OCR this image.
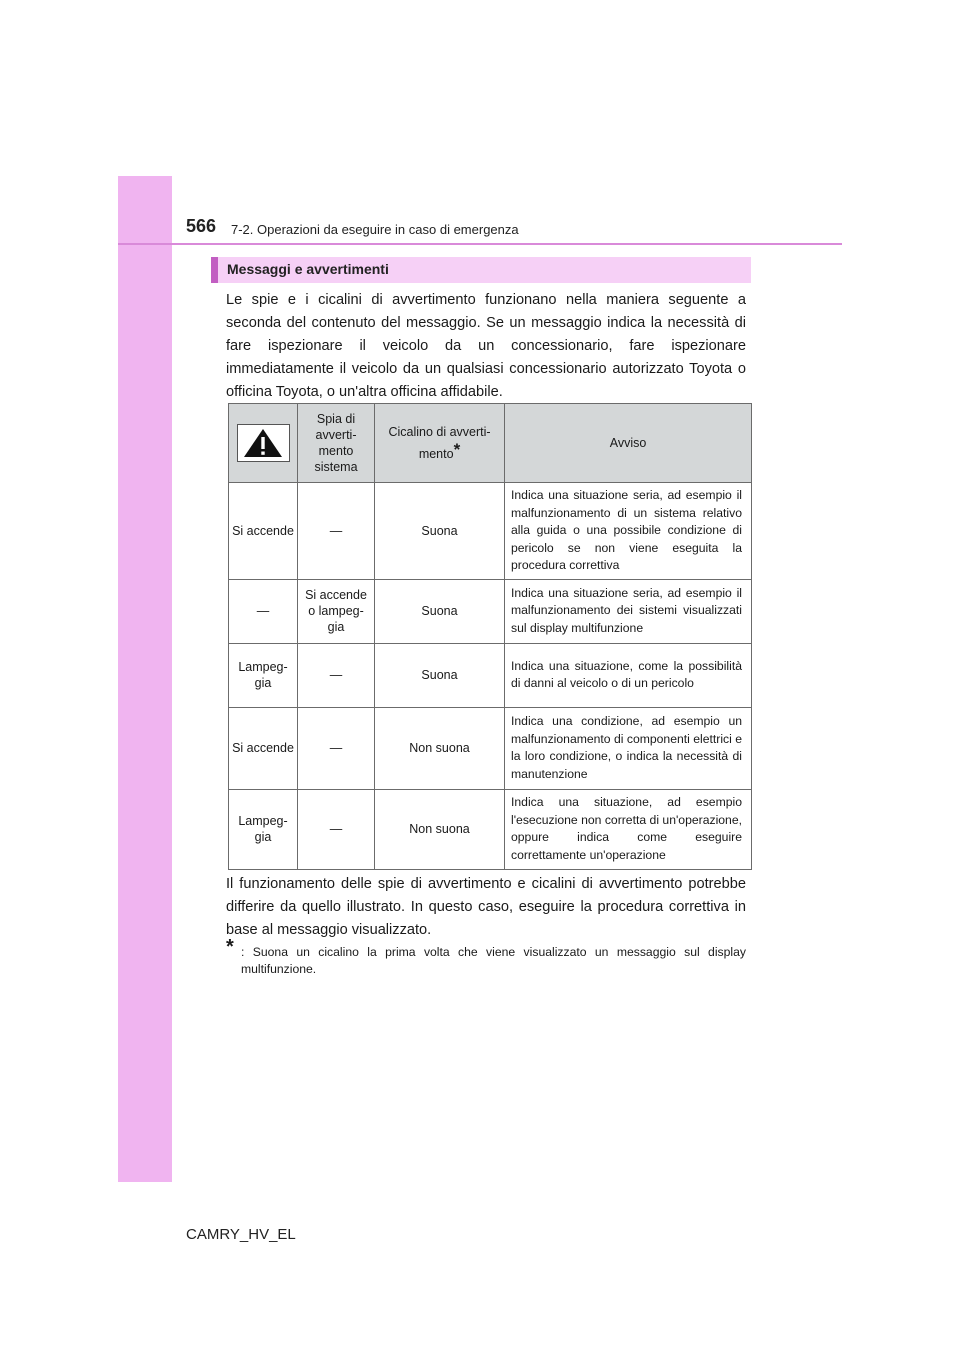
566 7-2. Operazioni da eseguire in caso di emergenza
Messaggi e avvertimenti

Le spie e i cicalini di avvertimento funzionano nella maniera seguente a seconda del contenuto del messaggio. Se un messaggio indica la necessità di fare ispezionare il veicolo da un concessionario, fare ispezionare immediatamente il veicolo da un qualsiasi concessionario autorizzato Toyota o officina Toyota, o un'altra officina affidabile.

	Spia di avverti-mento sistema	Cicalino di avverti-mento*	Avviso
Si accende	—	Suona	Indica una situazione seria, ad esempio il malfunzionamento di un sistema relativo alla guida o una possibile condizione di pericolo se non viene eseguita la procedura correttiva
—	Si accende o lampeg-gia	Suona	Indica una situazione seria, ad esempio il malfunzionamento dei sistemi visualizzati sul display multifunzione
Lampeg-gia	—	Suona	Indica una situazione, come la possibilità di danni al veicolo o di un pericolo
Si accende	—	Non suona	Indica una condizione, ad esempio un malfunzionamento di componenti elettrici e la loro condizione, o indica la necessità di manutenzione
Lampeg-gia	—	Non suona	Indica una situazione, ad esempio l'esecuzione non corretta di un'operazione, oppure indica come eseguire correttamente un'operazione

Il funzionamento delle spie di avvertimento e cicalini di avvertimento potrebbe differire da quello illustrato. In questo caso, eseguire la procedura correttiva in base al messaggio visualizzato.

* : Suona un cicalino la prima volta che viene visualizzato un messaggio sul display multifunzione.
CAMRY_HV_EL
